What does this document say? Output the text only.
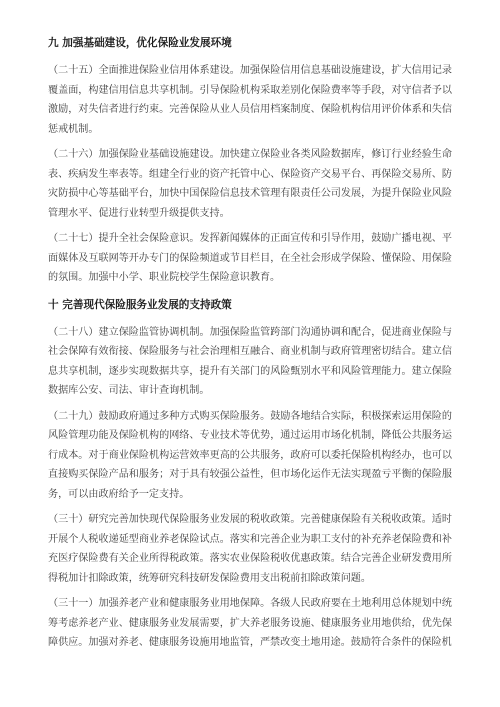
九 加强基础建设，优化保险业发展环境

（二十五）全面推进保险业信用体系建设。加强保险信用信息基础设施建设，扩大信用记录覆盖面，构建信用信息共享机制。引导保险机构采取差别化保险费率等手段，对守信者予以激励，对失信者进行约束。完善保险从业人员信用档案制度、保险机构信用评价体系和失信惩戒机制。

（二十六）加强保险业基础设施建设。加快建立保险业各类风险数据库，修订行业经验生命表、疾病发生率表等。组建全行业的资产托管中心、保险资产交易平台、再保险交易所、防灾防损中心等基础平台，加快中国保险信息技术管理有限责任公司发展，为提升保险业风险管理水平、促进行业转型升级提供支持。

（二十七）提升全社会保险意识。发挥新闻媒体的正面宣传和引导作用，鼓励广播电视、平面媒体及互联网等开办专门的保险频道或节目栏目，在全社会形成学保险、懂保险、用保险的氛围。加强中小学、职业院校学生保险意识教育。

十 完善现代保险服务业发展的支持政策

（二十八）建立保险监管协调机制。加强保险监管跨部门沟通协调和配合，促进商业保险与社会保障有效衔接、保险服务与社会治理相互融合、商业机制与政府管理密切结合。建立信息共享机制，逐步实现数据共享，提升有关部门的风险甄别水平和风险管理能力。建立保险数据库公安、司法、审计查询机制。

（二十九）鼓励政府通过多种方式购买保险服务。鼓励各地结合实际，积极探索运用保险的风险管理功能及保险机构的网络、专业技术等优势，通过运用市场化机制，降低公共服务运行成本。对于商业保险机构运营效率更高的公共服务，政府可以委托保险机构经办，也可以直接购买保险产品和服务；对于具有较强公益性，但市场化运作无法实现盈亏平衡的保险服务，可以由政府给予一定支持。

（三十）研究完善加快现代保险服务业发展的税收政策。完善健康保险有关税收政策。适时开展个人税收递延型商业养老保险试点。落实和完善企业为职工支付的补充养老保险费和补充医疗保险费有关企业所得税政策。落实农业保险税收优惠政策。结合完善企业研发费用所得税加计扣除政策，统筹研究科技研发保险费用支出税前扣除政策问题。

（三十一）加强养老产业和健康服务业用地保障。各级人民政府要在土地利用总体规划中统筹考虑养老产业、健康服务业发展需要，扩大养老服务设施、健康服务业用地供给，优先保障供应。加强对养老、健康服务设施用地监管，严禁改变土地用途。鼓励符合条件的保险机
